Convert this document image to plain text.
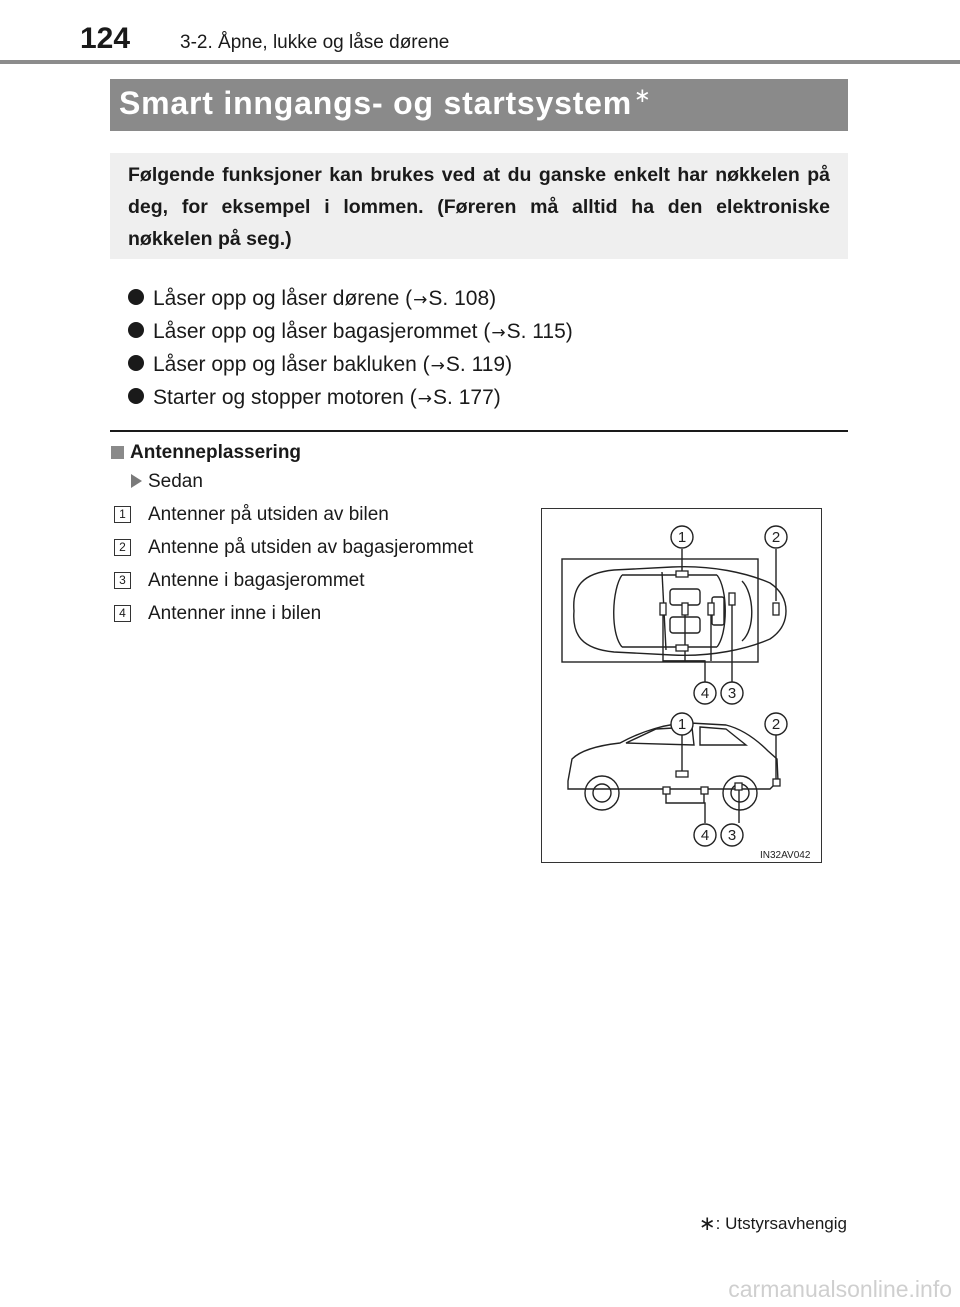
124	3-2. Åpne, lukke og låse dørene
Smart inngangs- og startsystem ∗
Følgende funksjoner kan brukes ved at du ganske enkelt har nøkkelen på deg, for eksempel i lommen. (Føreren må alltid ha den elektroniske nøkkelen på seg.)
Låser opp og låser dørene (→S. 108)
Låser opp og låser bagasjerommet (→S. 115)
Låser opp og låser bakluken (→S. 119)
Starter og stopper motoren (→S. 177)
Antenneplassering
Sedan
1 Antenner på utsiden av bilen
2 Antenne på utsiden av bagasjerommet
3 Antenne i bagasjerommet
4 Antenner inne i bilen
1	2
4 3
1	2
4 3
IN32AV042
∗: Utstyrsavhengig
carmanualsonline.info
